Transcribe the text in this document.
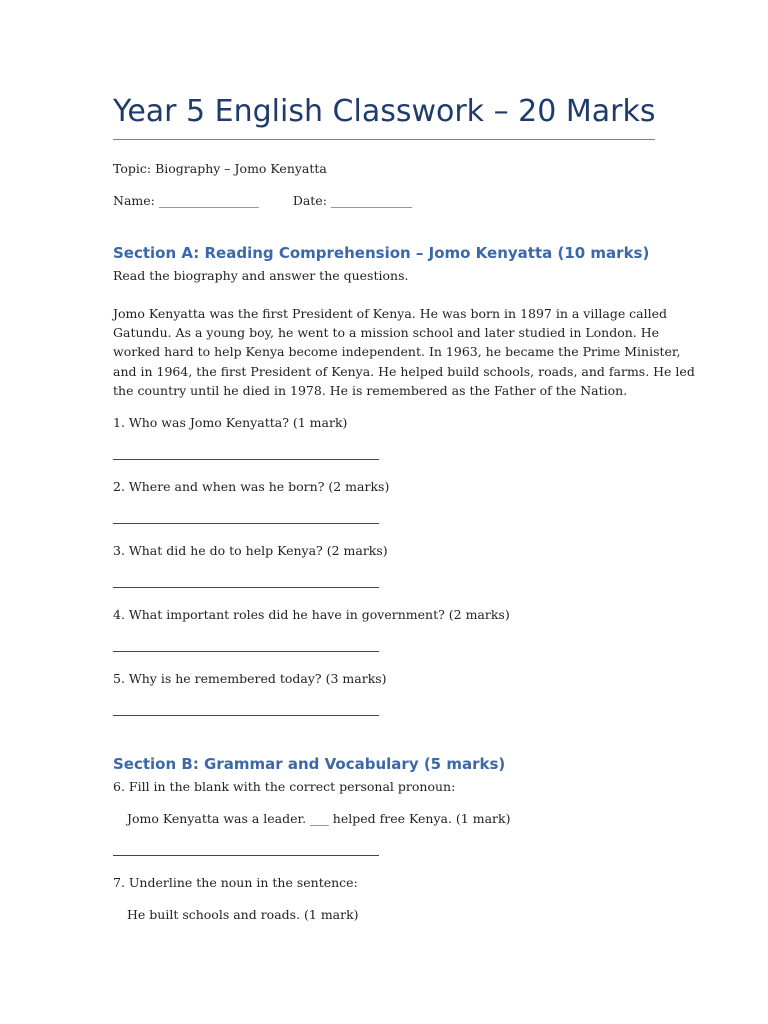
Year 5 English Classwork – 20 Marks
Topic: Biography – Jomo Kenyatta
Name: ________________	Date: _____________
Section A: Reading Comprehension – Jomo Kenyatta (10 marks)
Read the biography and answer the questions.
Jomo Kenyatta was the first President of Kenya. He was born in 1897 in a village called
Gatundu. As a young boy, he went to a mission school and later studied in London. He
worked hard to help Kenya become independent. In 1963, he became the Prime Minister,
and in 1964, the first President of Kenya. He helped build schools, roads, and farms. He led
the country until he died in 1978. He is remembered as the Father of the Nation.
1. Who was Jomo Kenyatta? (1 mark)
2. Where and when was he born? (2 marks)
3. What did he do to help Kenya? (2 marks)
4. What important roles did he have in government? (2 marks)
5. Why is he remembered today? (3 marks)
Section B: Grammar and Vocabulary (5 marks)
6. Fill in the blank with the correct personal pronoun:
Jomo Kenyatta was a leader. ___ helped free Kenya. (1 mark)
7. Underline the noun in the sentence:
He built schools and roads. (1 mark)
